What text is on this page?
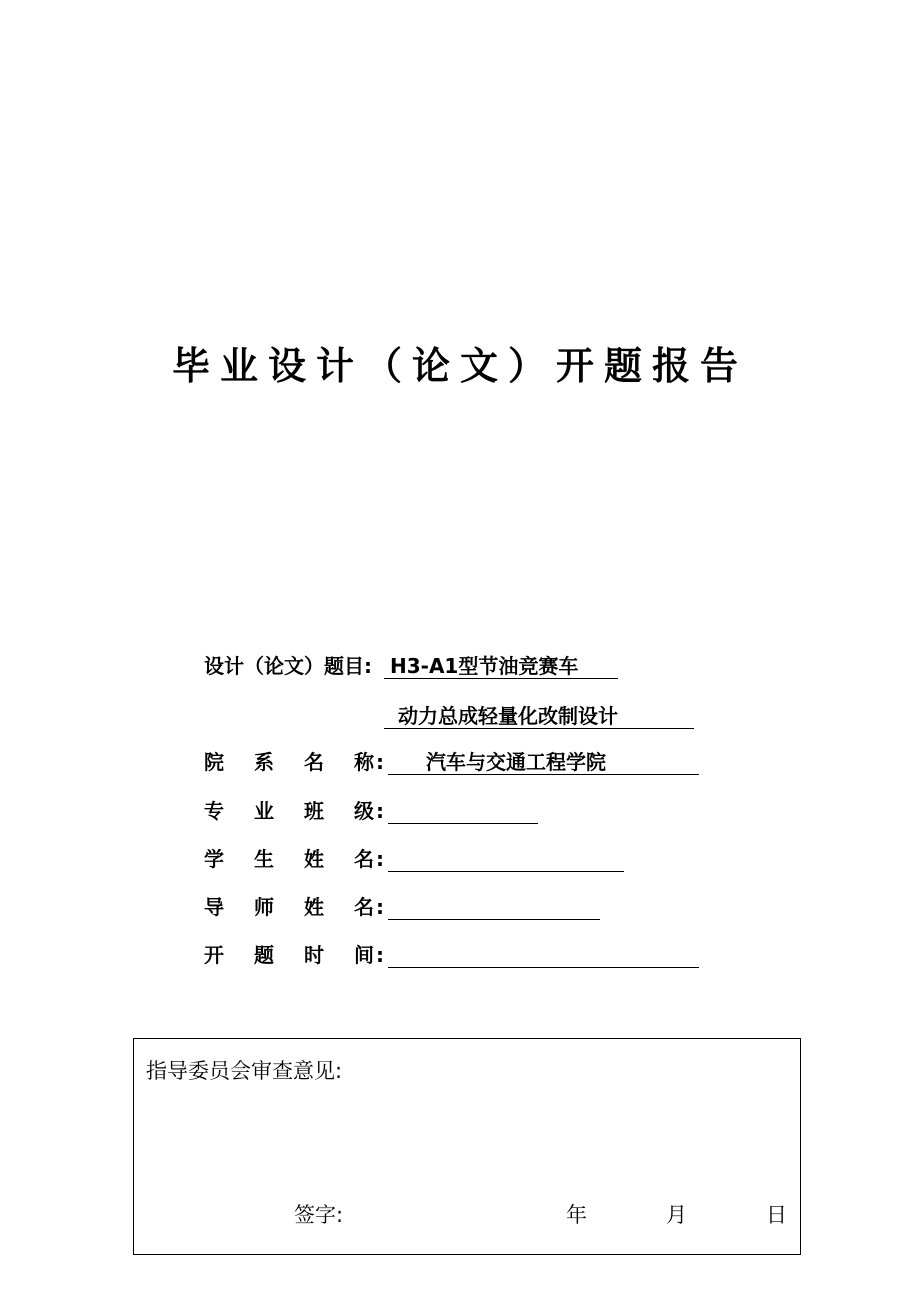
毕业设计（论文）开题报告
设计（论文）题目: H3-A1型节油竞赛车
动力总成轻量化改制设计
院 系 名 称 : 汽车与交通工程学院
专 业 班 级 :
学 生 姓 名 :
导 师 姓 名 :
开 题 时 间 :
指导委员会审查意见:
签字:	年	月	日
